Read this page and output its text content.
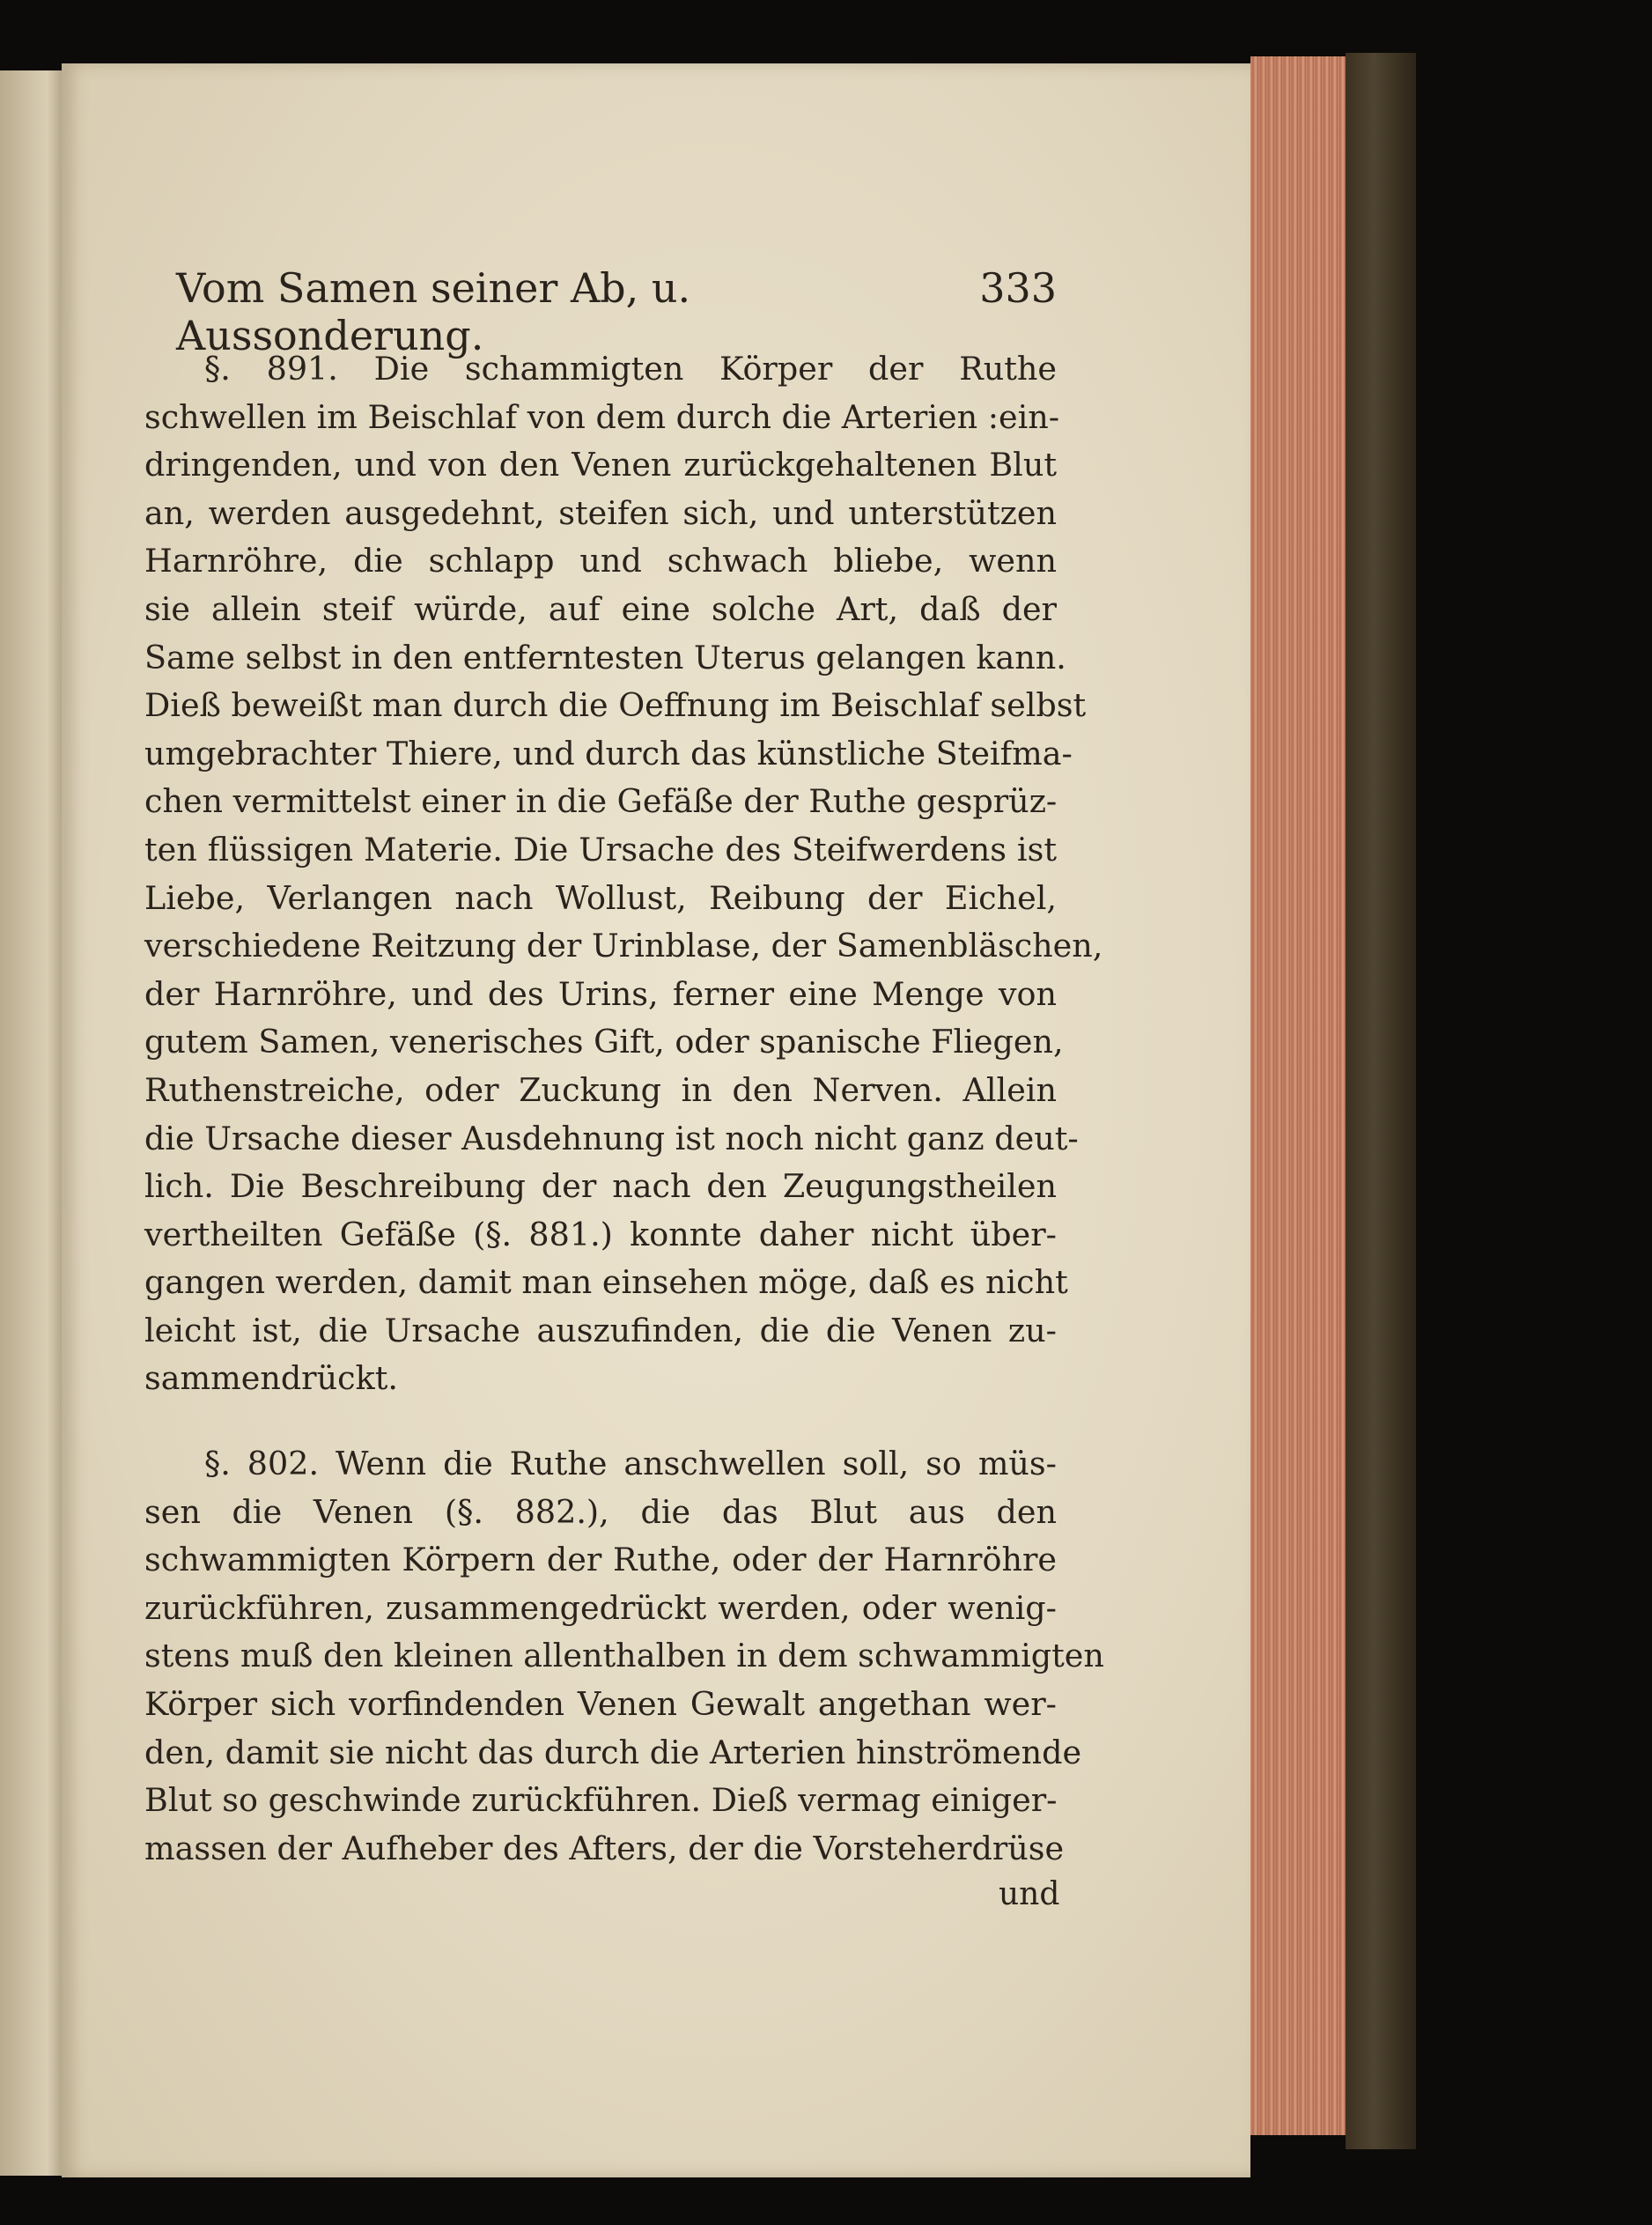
Vom Samen seiner Ab, u. Aussonderung.
333
§. 891. Die schammigten Körper der Ruthe
schwellen im Beischlaf von dem durch die Arterien :ein-
dringenden, und von den Venen zurückgehaltenen Blut
an, werden ausgedehnt, steifen sich, und unterstützen
Harnröhre, die schlapp und schwach bliebe, wenn
sie allein steif würde, auf eine solche Art, daß der
Same selbst in den entferntesten Uterus gelangen kann.
Dieß beweißt man durch die Oeffnung im Beischlaf selbst
umgebrachter Thiere, und durch das künstliche Steifma-
chen vermittelst einer in die Gefäße der Ruthe gesprüz-
ten flüssigen Materie. Die Ursache des Steifwerdens ist
Liebe, Verlangen nach Wollust, Reibung der Eichel,
verschiedene Reitzung der Urinblase, der Samenbläschen,
der Harnröhre, und des Urins, ferner eine Menge von
gutem Samen, venerisches Gift, oder spanische Fliegen,
Ruthenstreiche, oder Zuckung in den Nerven. Allein
die Ursache dieser Ausdehnung ist noch nicht ganz deut-
lich. Die Beschreibung der nach den Zeugungstheilen
vertheilten Gefäße (§. 881.) konnte daher nicht über-
gangen werden, damit man einsehen möge, daß es nicht
leicht ist, die Ursache auszufinden, die die Venen zu-
sammendrückt.
§. 802. Wenn die Ruthe anschwellen soll, so müs-
sen die Venen (§. 882.), die das Blut aus den
schwammigten Körpern der Ruthe, oder der Harnröhre
zurückführen, zusammengedrückt werden, oder wenig-
stens muß den kleinen allenthalben in dem schwammigten
Körper sich vorfindenden Venen Gewalt angethan wer-
den, damit sie nicht das durch die Arterien hinströmende
Blut so geschwinde zurückführen. Dieß vermag einiger-
massen der Aufheber des Afters, der die Vorsteherdrüse
und
